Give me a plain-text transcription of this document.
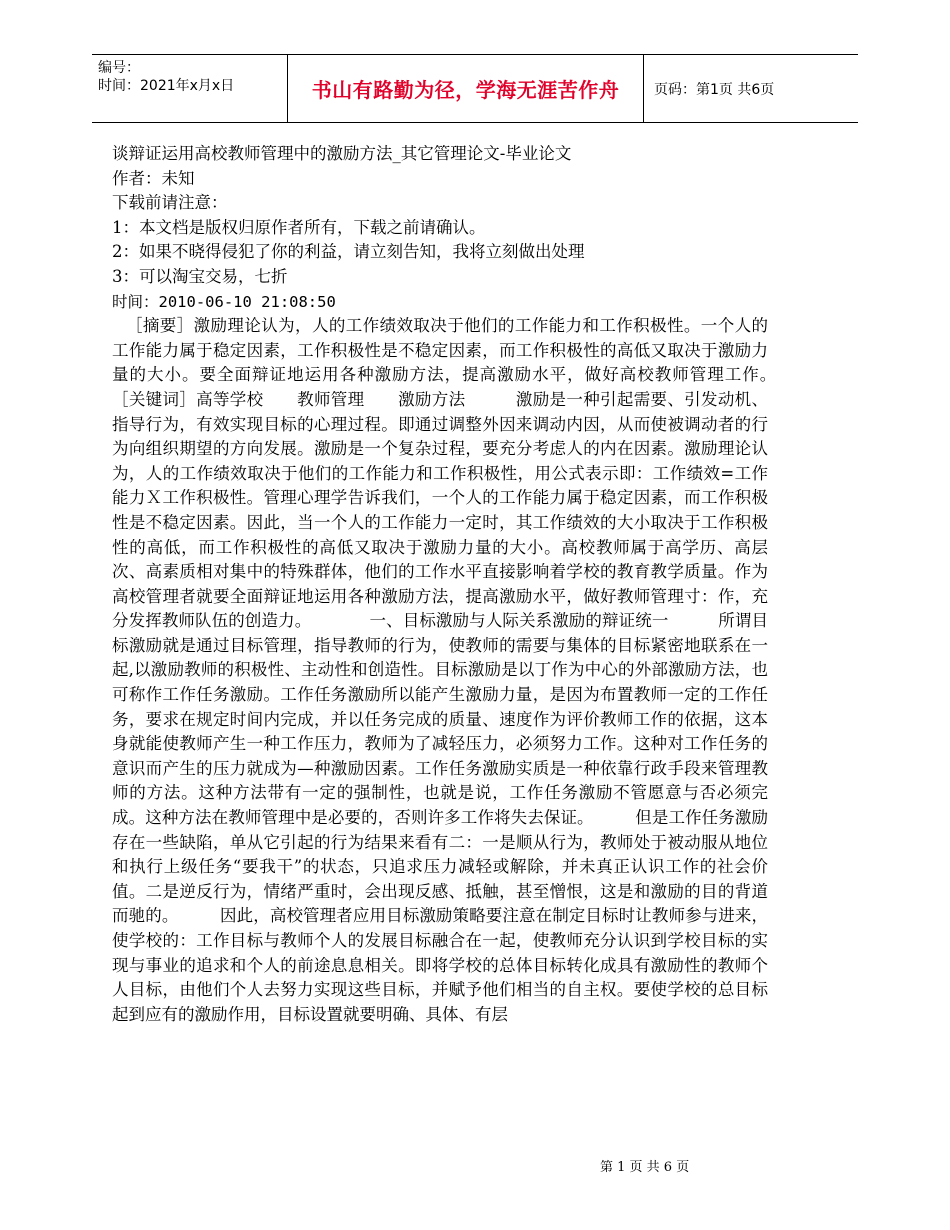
编号：
时间：2021年x月x日	书山有路勤为径，学海无涯苦作舟	页码：第1页 共6页
谈辩证运用高校教师管理中的激励方法_其它管理论文-毕业论文
作者：未知
下载前请注意：
1：本文档是版权归原作者所有，下载之前请确认。
2：如果不晓得侵犯了你的利益，请立刻告知，我将立刻做出处理
3：可以淘宝交易，七折
时间：2010-06-10 21:08:50

［摘要］激励理论认为，人的工作绩效取决于他们的工作能力和工作积极性。一个人的工作能力属于稳定因素，工作积极性是不稳定因素，而工作积极性的高低又取决于激励力量的大小。要全面辩证地运用各种激励方法，提高激励水平，做好高校教师管理工作。　　　　［关键词］高等学校　　教师管理　　激励方法　　　激励是一种引起需要、引发动机、指导行为，有效实现目标的心理过程。即通过调整外因来调动内因，从而使被调动者的行为向组织期望的方向发展。激励是一个复杂过程，要充分考虑人的内在因素。激励理论认为，人的工作绩效取决于他们的工作能力和工作积极性，用公式表示即：工作绩效=工作能力Ｘ工作积极性。管理心理学告诉我们，一个人的工作能力属于稳定因素，而工作积极性是不稳定因素。因此，当一个人的工作能力一定时，其工作绩效的大小取决于工作积极性的高低，而工作积极性的高低又取决于激励力量的大小。高校教师属于高学历、高层次、高素质相对集中的特殊群体，他们的工作水平直接影响着学校的教育教学质量。作为高校管理者就要全面辩证地运用各种激励方法，提高激励水平，做好教师管理寸：作，充分发挥教师队伍的创造力。　　　　一、目标激励与人际关系激励的辩证统一　　　所谓目标激励就是通过目标管理，指导教师的行为，使教师的需要与集体的目标紧密地联系在一起,以激励教师的积极性、主动性和创造性。目标激励是以丁作为中心的外部激励方法，也可称作工作任务激励。工作任务激励所以能产生激励力量，是因为布置教师一定的工作任务，要求在规定时间内完成，并以任务完成的质量、速度作为评价教师工作的依据，这本身就能使教师产生一种工作压力，教师为了减轻压力，必须努力工作。这种对工作任务的意识而产生的压力就成为—种激励因素。工作任务激励实质是一种依靠行政手段来管理教师的方法。这种方法带有一定的强制性，也就是说，工作任务激励不管愿意与否必须完成。这种方法在教师管理中是必要的，否则许多工作将失去保证。　　　但是工作任务激励存在一些缺陷，单从它引起的行为结果来看有二：一是顺从行为，教师处于被动服从地位和执行上级任务“要我干”的状态，只追求压力减轻或解除，并未真正认识工作的社会价值。二是逆反行为，情绪严重时，会出现反感、抵触，甚至憎恨，这是和激励的目的背道而驰的。　　　因此，高校管理者应用目标激励策略要注意在制定目标时让教师参与进来，使学校的：工作目标与教师个人的发展目标融合在一起，使教师充分认识到学校目标的实现与事业的追求和个人的前途息息相关。即将学校的总体目标转化成具有激励性的教师个人目标，由他们个人去努力实现这些目标，并赋予他们相当的自主权。要使学校的总目标起到应有的激励作用，目标设置就要明确、具体、有层

第 1 页 共 6 页
